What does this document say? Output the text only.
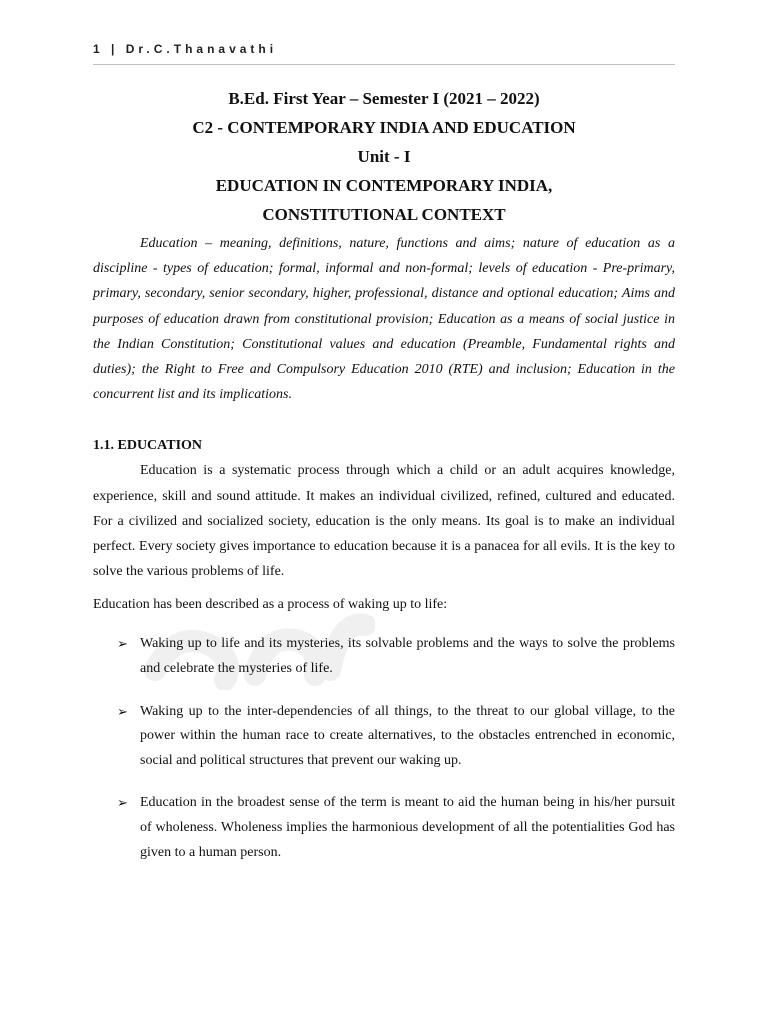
1 | Dr.C.Thanavathi

B.Ed. First Year – Semester I (2021 – 2022)

C2 - CONTEMPORARY INDIA AND EDUCATION

Unit - I

EDUCATION IN CONTEMPORARY INDIA,

CONSTITUTIONAL CONTEXT

Education – meaning, definitions, nature, functions and aims; nature of education as a discipline - types of education; formal, informal and non-formal; levels of education - Pre-primary, primary, secondary, senior secondary, higher, professional, distance and optional education; Aims and purposes of education drawn from constitutional provision; Education as a means of social justice in the Indian Constitution; Constitutional values and education (Preamble, Fundamental rights and duties); the Right to Free and Compulsory Education 2010 (RTE) and inclusion; Education in the concurrent list and its implications.

1.1. EDUCATION

Education is a systematic process through which a child or an adult acquires knowledge, experience, skill and sound attitude. It makes an individual civilized, refined, cultured and educated. For a civilized and socialized society, education is the only means. Its goal is to make an individual perfect. Every society gives importance to education because it is a panacea for all evils. It is the key to solve the various problems of life.

Education has been described as a process of waking up to life:

➢ Waking up to life and its mysteries, its solvable problems and the ways to solve the problems and celebrate the mysteries of life.
➢ Waking up to the inter-dependencies of all things, to the threat to our global village, to the power within the human race to create alternatives, to the obstacles entrenched in economic, social and political structures that prevent our waking up.
➢ Education in the broadest sense of the term is meant to aid the human being in his/her pursuit of wholeness. Wholeness implies the harmonious development of all the potentialities God has given to a human person.
